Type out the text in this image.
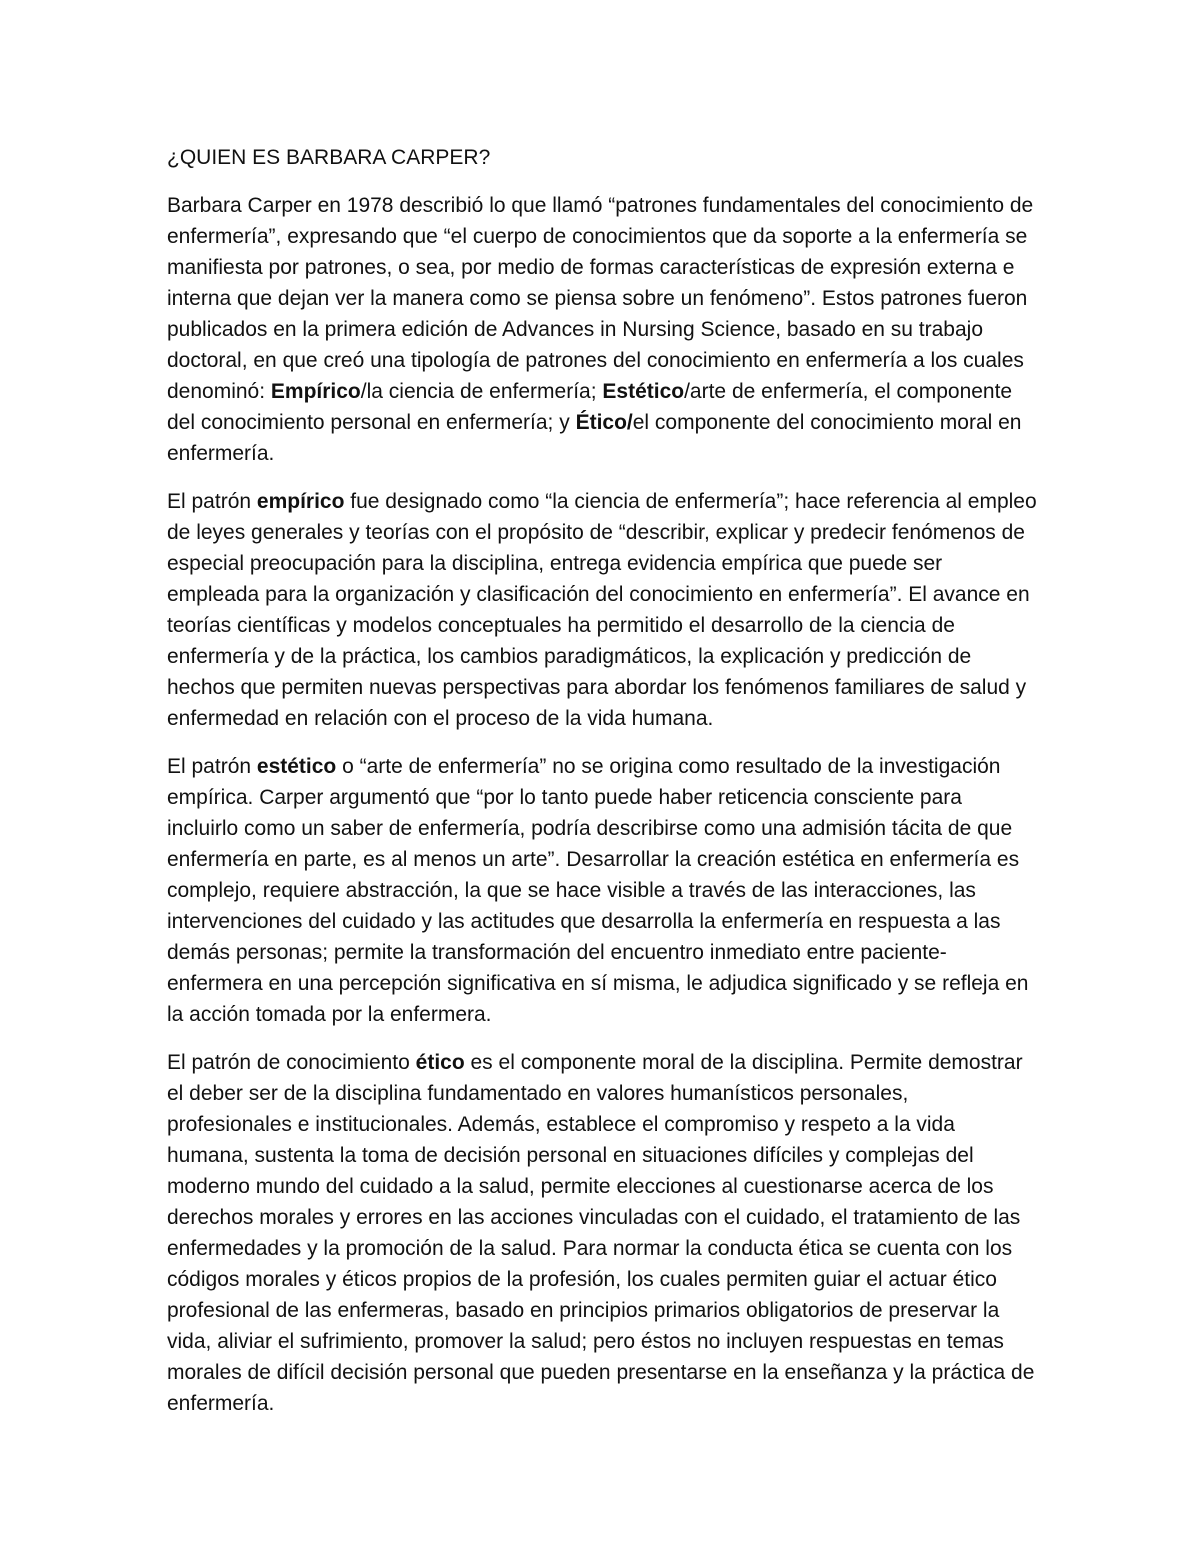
¿QUIEN ES BARBARA CARPER?

Barbara Carper en 1978 describió lo que llamó “patrones fundamentales del conocimiento de enfermería”, expresando que “el cuerpo de conocimientos que da soporte a la enfermería se manifiesta por patrones, o sea, por medio de formas características de expresión externa e interna que dejan ver la manera como se piensa sobre un fenómeno”. Estos patrones fueron publicados en la primera edición de Advances in Nursing Science, basado en su trabajo doctoral, en que creó una tipología de patrones del conocimiento en enfermería a los cuales denominó: Empírico/la ciencia de enfermería; Estético/arte de enfermería, el componente del conocimiento personal en enfermería; y Ético/el componente del conocimiento moral en enfermería.

El patrón empírico fue designado como “la ciencia de enfermería”; hace referencia al empleo de leyes generales y teorías con el propósito de “describir, explicar y predecir fenómenos de especial preocupación para la disciplina, entrega evidencia empírica que puede ser empleada para la organización y clasificación del conocimiento en enfermería”. El avance en teorías científicas y modelos conceptuales ha permitido el desarrollo de la ciencia de enfermería y de la práctica, los cambios paradigmáticos, la explicación y predicción de hechos que permiten nuevas perspectivas para abordar los fenómenos familiares de salud y enfermedad en relación con el proceso de la vida humana.

El patrón estético o “arte de enfermería” no se origina como resultado de la investigación empírica. Carper argumentó que “por lo tanto puede haber reticencia consciente para incluirlo como un saber de enfermería, podría describirse como una admisión tácita de que enfermería en parte, es al menos un arte”. Desarrollar la creación estética en enfermería es complejo, requiere abstracción, la que se hace visible a través de las interacciones, las intervenciones del cuidado y las actitudes que desarrolla la enfermería en respuesta a las demás personas; permite la transformación del encuentro inmediato entre paciente-enfermera en una percepción significativa en sí misma, le adjudica significado y se refleja en la acción tomada por la enfermera.

El patrón de conocimiento ético es el componente moral de la disciplina. Permite demostrar el deber ser de la disciplina fundamentado en valores humanísticos personales, profesionales e institucionales. Además, establece el compromiso y respeto a la vida humana, sustenta la toma de decisión personal en situaciones difíciles y complejas del moderno mundo del cuidado a la salud, permite elecciones al cuestionarse acerca de los derechos morales y errores en las acciones vinculadas con el cuidado, el tratamiento de las enfermedades y la promoción de la salud. Para normar la conducta ética se cuenta con los códigos morales y éticos propios de la profesión, los cuales permiten guiar el actuar ético profesional de las enfermeras, basado en principios primarios obligatorios de preservar la vida, aliviar el sufrimiento, promover la salud; pero éstos no incluyen respuestas en temas morales de difícil decisión personal que pueden presentarse en la enseñanza y la práctica de enfermería.
